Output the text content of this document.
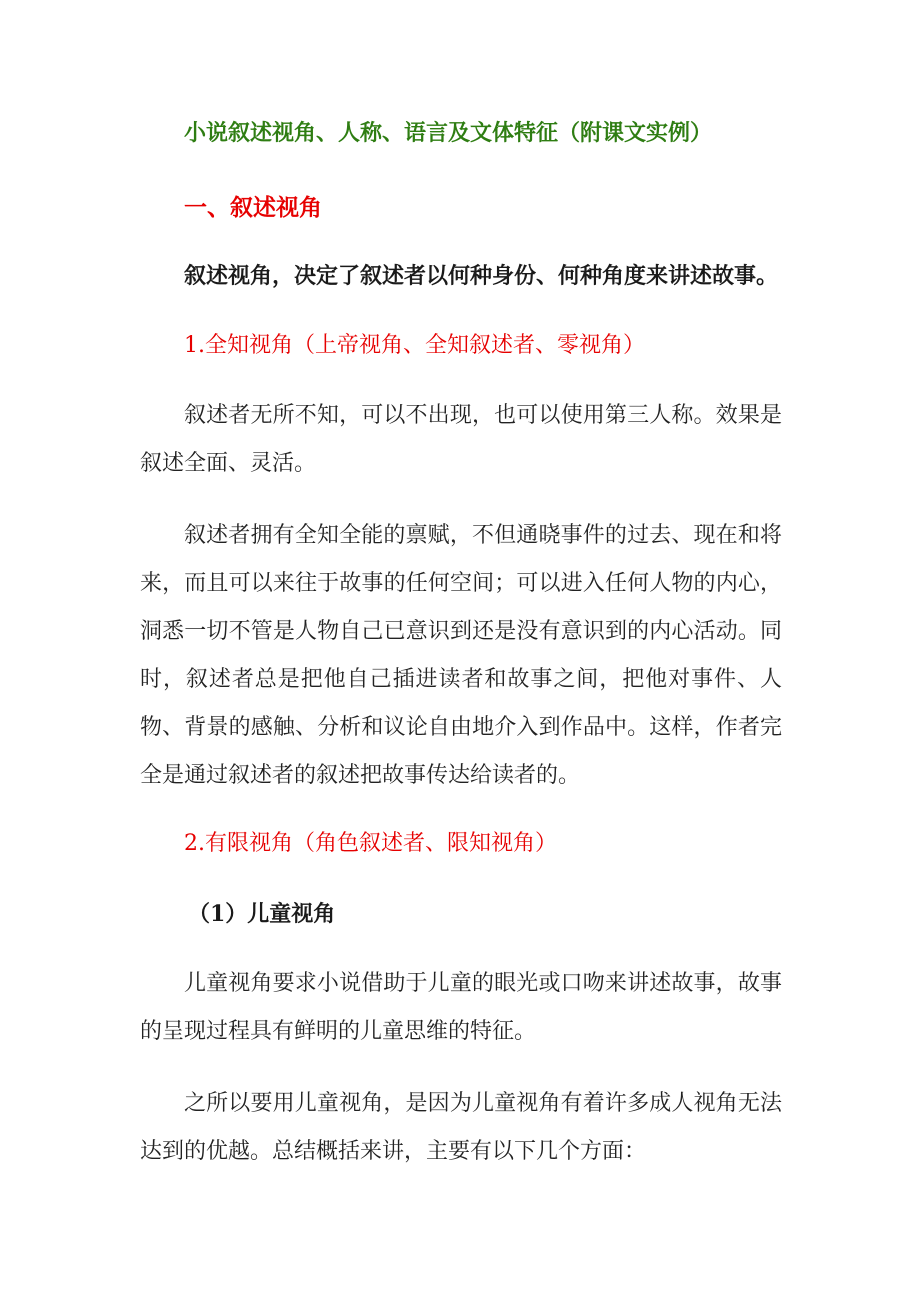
小说叙述视角、人称、语言及文体特征（附课文实例）

一、叙述视角

叙述视角，决定了叙述者以何种身份、何种角度来讲述故事。

1.全知视角（上帝视角、全知叙述者、零视角）

叙述者无所不知，可以不出现，也可以使用第三人称。效果是叙述全面、灵活。

叙述者拥有全知全能的禀赋，不但通晓事件的过去、现在和将来，而且可以来往于故事的任何空间；可以进入任何人物的内心，洞悉一切不管是人物自己已意识到还是没有意识到的内心活动。同时，叙述者总是把他自己插进读者和故事之间，把他对事件、人物、背景的感触、分析和议论自由地介入到作品中。这样，作者完全是通过叙述者的叙述把故事传达给读者的。

2.有限视角（角色叙述者、限知视角）

（1）儿童视角

儿童视角要求小说借助于儿童的眼光或口吻来讲述故事，故事的呈现过程具有鲜明的儿童思维的特征。

之所以要用儿童视角，是因为儿童视角有着许多成人视角无法达到的优越。总结概括来讲，主要有以下几个方面：
